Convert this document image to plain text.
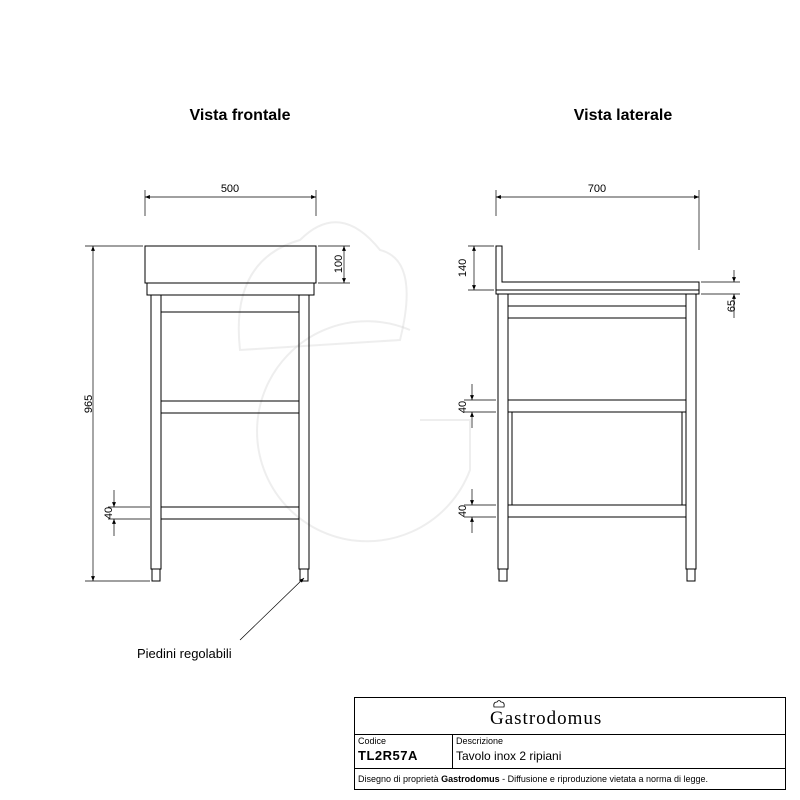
Vista frontale	Vista laterale
500
100
965
40
Piedini regolabili
700
140
65
40
40
Gastrodomus
Codice
TL2R57A
Descrizione
Tavolo inox 2 ripiani
Disegno di proprietà Gastrodomus - Diffusione e riproduzione vietata a norma di legge.
